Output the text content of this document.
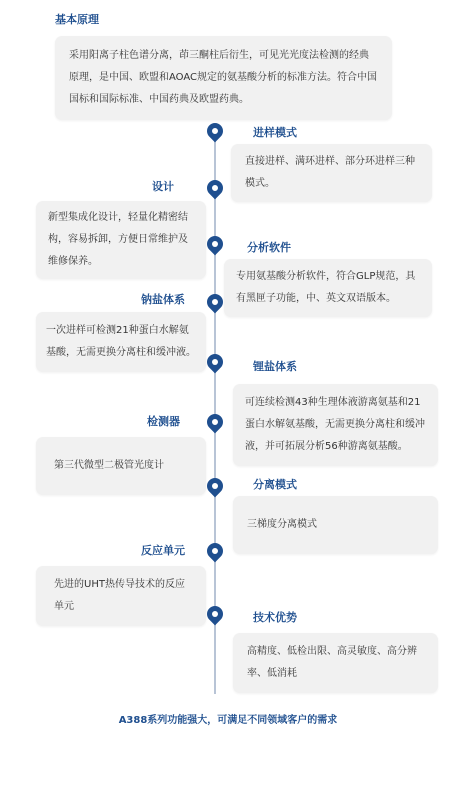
基本原理
采用阳离子柱色谱分离，茚三酮柱后衍生，可见光光度法检测的经典原理，是中国、欧盟和AOAC规定的氨基酸分析的标准方法。符合中国国标和国际标准、中国药典及欧盟药典。
进样模式
直接进样、满环进样、部分环进样三种模式。
设计
新型集成化设计，轻量化精密结构，容易拆卸，方便日常维护及维修保养。
分析软件
专用氨基酸分析软件，符合GLP规范，具有黑匣子功能，中、英文双语版本。
钠盐体系
一次进样可检测21种蛋白水解氨基酸，无需更换分离柱和缓冲液。
锂盐体系
可连续检测43种生理体液游离氨基和21蛋白水解氨基酸，无需更换分离柱和缓冲液，并可拓展分析56种游离氨基酸。
检测器
第三代微型二极管光度计
分离模式
三梯度分离模式
反应单元
先进的UHT热传导技术的反应单元
技术优势
高精度、低检出限、高灵敏度、高分辨率、低消耗
A388系列功能强大，可满足不同领域客户的需求
